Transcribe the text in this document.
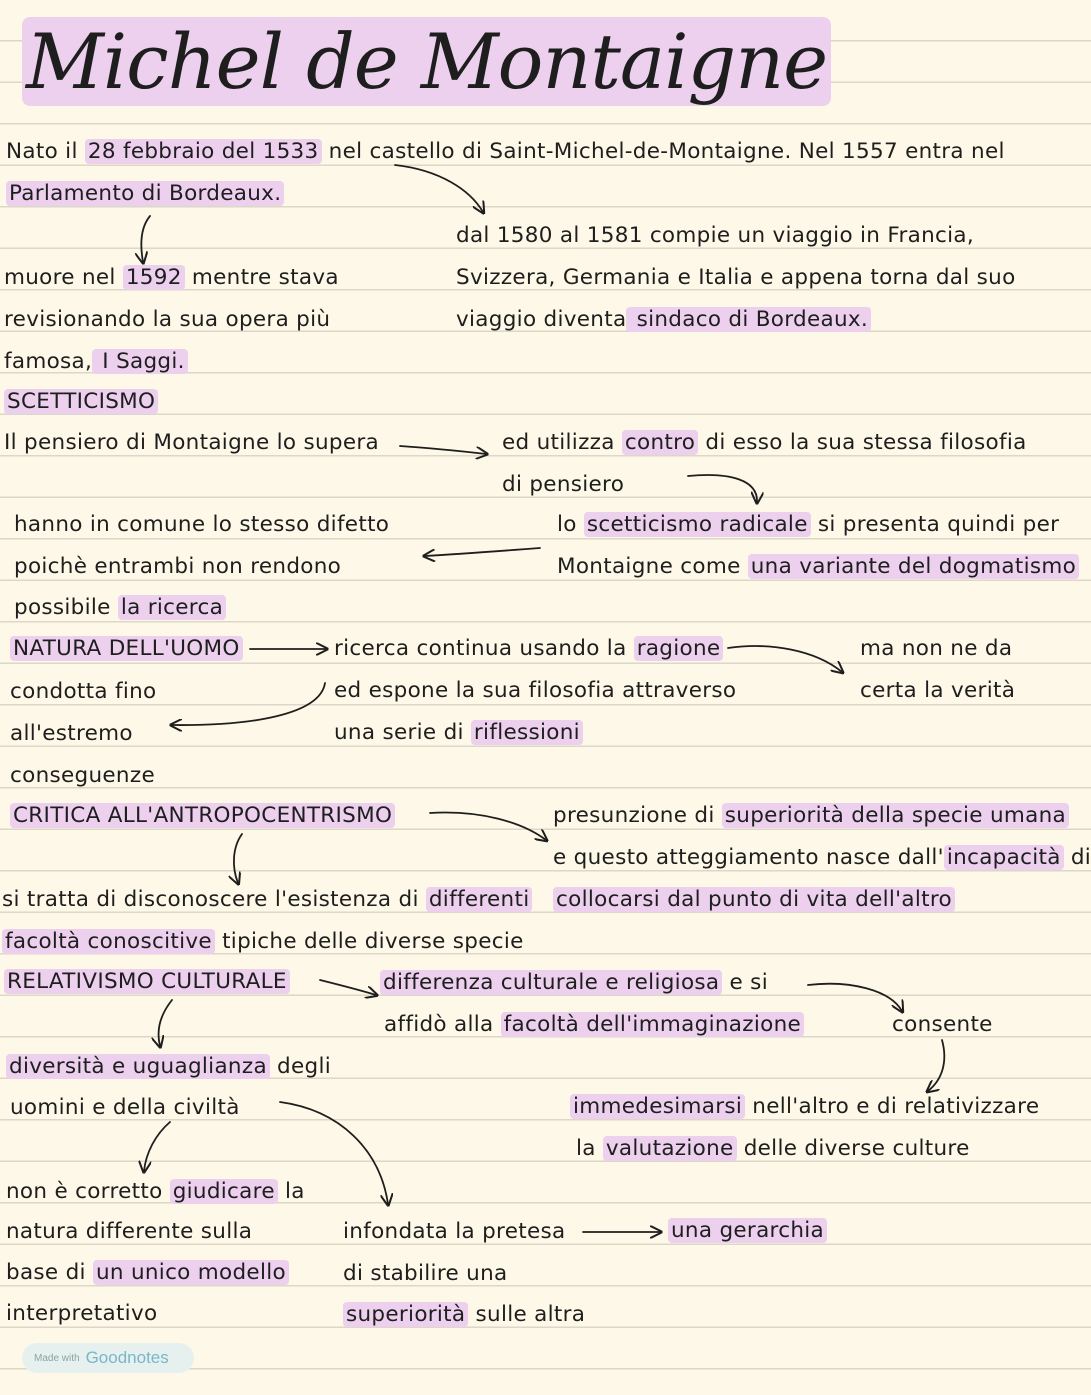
Michel de Montaigne
Nato il 28 febbraio del 1533 nel castello di Saint-Michel-de-Montaigne. Nel 1557 entra nel
Parlamento di Bordeaux.
dal 1580 al 1581 compie un viaggio in Francia,
muore nel 1592 mentre stava	Svizzera, Germania e Italia e appena torna dal suo
revisionando la sua opera più	viaggio diventa sindaco di Bordeaux.
famosa, I Saggi.
SCETTICISMO
Il pensiero di Montaigne lo supera	ed utilizza contro di esso la sua stessa filosofia
di pensiero
hanno in comune lo stesso difetto	lo scetticismo radicale si presenta quindi per
poichè entrambi non rendono	Montaigne come una variante del dogmatismo
possibile la ricerca
NATURA DELL'UOMO	ricerca continua usando la ragione	ma non ne da
condotta fino	ed espone la sua filosofia attraverso	certa la verità
all'estremo	una serie di riflessioni
conseguenze
CRITICA ALL'ANTROPOCENTRISMO	presunzione di superiorità della specie umana
e questo atteggiamento nasce dall' incapacità di
si tratta di disconoscere l'esistenza di differenti collocarsi dal punto di vita dell'altro
facoltà conoscitive tipiche delle diverse specie
RELATIVISMO CULTURALE	differenza culturale e religiosa e si
affidò alla facoltà dell'immaginazione	consente
diversità e uguaglianza degli
uomini e della civiltà	immedesimarsi nell'altro e di relativizzare
la valutazione delle diverse culture
non è corretto giudicare la
natura differente sulla	infondata la pretesa	una gerarchia
base di un unico modello	di stabilire una
interpretativo	superiorità sulle altra
Made with Goodnotes
